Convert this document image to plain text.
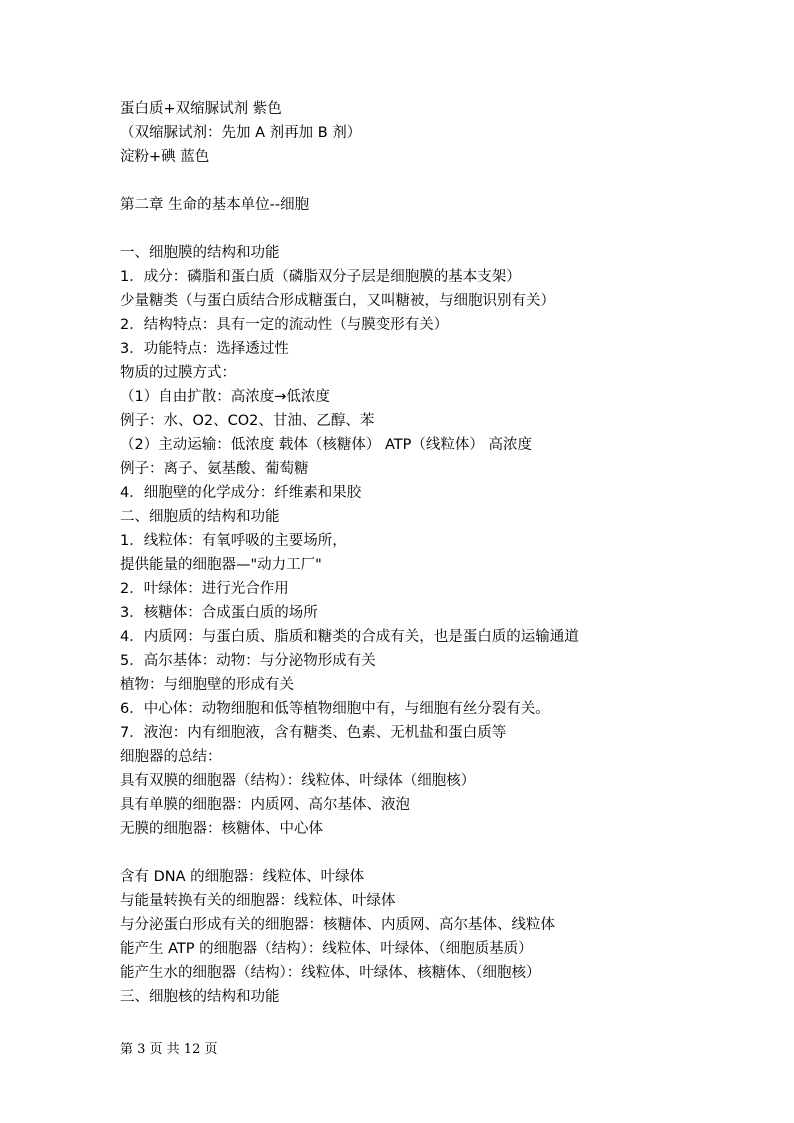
蛋白质+双缩脲试剂 紫色
（双缩脲试剂：先加 A 剂再加 B 剂）
淀粉+碘 蓝色
第二章 生命的基本单位--细胞
一、细胞膜的结构和功能
1．成分：磷脂和蛋白质（磷脂双分子层是细胞膜的基本支架）
少量糖类（与蛋白质结合形成糖蛋白，又叫糖被，与细胞识别有关）
2．结构特点：具有一定的流动性（与膜变形有关）
3．功能特点：选择透过性
物质的过膜方式：
（1）自由扩散：高浓度→低浓度
例子：水、O2、CO2、甘油、乙醇、苯
（2）主动运输：低浓度 载体（核糖体） ATP（线粒体） 高浓度
例子：离子、氨基酸、葡萄糖
4．细胞壁的化学成分：纤维素和果胶
二、细胞质的结构和功能
1．线粒体：有氧呼吸的主要场所，
提供能量的细胞器—"动力工厂"
2．叶绿体：进行光合作用
3．核糖体：合成蛋白质的场所
4．内质网：与蛋白质、脂质和糖类的合成有关，也是蛋白质的运输通道
5．高尔基体：动物：与分泌物形成有关
植物：与细胞壁的形成有关
6．中心体：动物细胞和低等植物细胞中有，与细胞有丝分裂有关。
7．液泡：内有细胞液，含有糖类、色素、无机盐和蛋白质等
细胞器的总结：
具有双膜的细胞器（结构）：线粒体、叶绿体（细胞核）
具有单膜的细胞器：内质网、高尔基体、液泡
无膜的细胞器：核糖体、中心体
含有 DNA 的细胞器：线粒体、叶绿体
与能量转换有关的细胞器：线粒体、叶绿体
与分泌蛋白形成有关的细胞器：核糖体、内质网、高尔基体、线粒体
能产生 ATP 的细胞器（结构）：线粒体、叶绿体、（细胞质基质）
能产生水的细胞器（结构）：线粒体、叶绿体、核糖体、（细胞核）
三、细胞核的结构和功能
第 3 页 共 12 页
